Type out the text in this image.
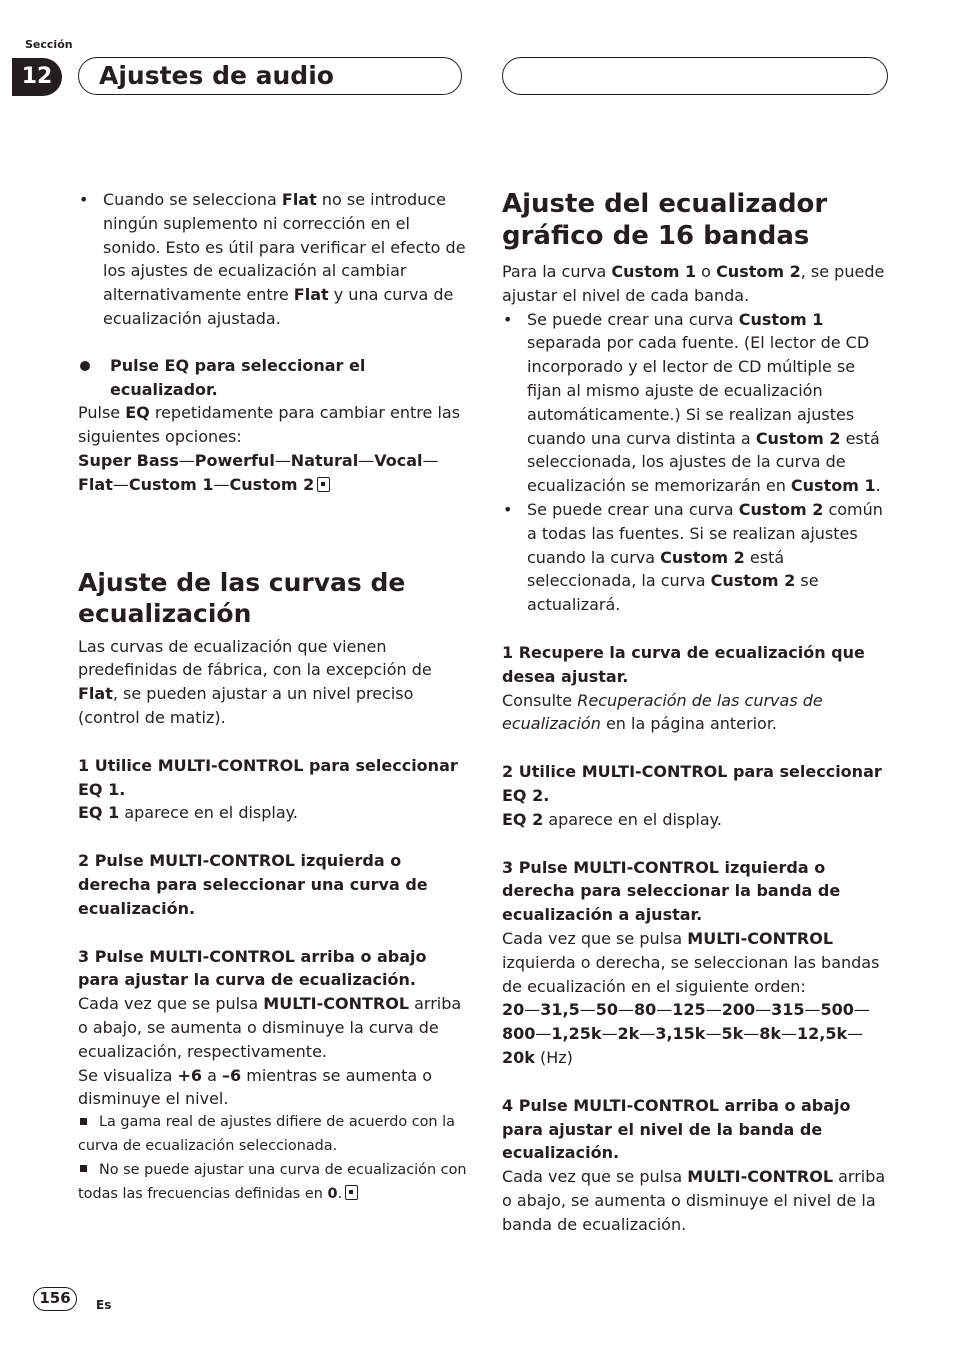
Sección
12	Ajustes de audio

• Cuando se selecciona Flat no se introduce ningún suplemento ni corrección en el sonido. Esto es útil para verificar el efecto de los ajustes de ecualización al cambiar alternativamente entre Flat y una curva de ecualización ajustada.

Pulse EQ para seleccionar el ecualizador.

Pulse EQ repetidamente para cambiar entre las siguientes opciones:

Super Bass—Powerful—Natural—Vocal— Flat—Custom 1—Custom 2

Ajuste de las curvas de ecualización

Las curvas de ecualización que vienen predefinidas de fábrica, con la excepción de Flat, se pueden ajustar a un nivel preciso (control de matiz).

1 Utilice MULTI-CONTROL para seleccionar EQ 1.

EQ 1 aparece en el display.

2 Pulse MULTI-CONTROL izquierda o derecha para seleccionar una curva de ecualización.

3 Pulse MULTI-CONTROL arriba o abajo para ajustar la curva de ecualización.

Cada vez que se pulsa MULTI-CONTROL arriba o abajo, se aumenta o disminuye la curva de ecualización, respectivamente.

Se visualiza +6 a –6 mientras se aumenta o disminuye el nivel.

La gama real de ajustes difiere de acuerdo con la curva de ecualización seleccionada.

No se puede ajustar una curva de ecualización con todas las frecuencias definidas en 0.

Ajuste del ecualizador gráfico de 16 bandas

Para la curva Custom 1 o Custom 2, se puede ajustar el nivel de cada banda.

• Se puede crear una curva Custom 1 separada por cada fuente. (El lector de CD incorporado y el lector de CD múltiple se fijan al mismo ajuste de ecualización automáticamente.) Si se realizan ajustes cuando una curva distinta a Custom 2 está seleccionada, los ajustes de la curva de ecualización se memorizarán en Custom 1.

• Se puede crear una curva Custom 2 común a todas las fuentes. Si se realizan ajustes cuando la curva Custom 2 está seleccionada, la curva Custom 2 se actualizará.

1 Recupere la curva de ecualización que desea ajustar.

Consulte Recuperación de las curvas de ecualización en la página anterior.

2 Utilice MULTI-CONTROL para seleccionar EQ 2.

EQ 2 aparece en el display.

3 Pulse MULTI-CONTROL izquierda o derecha para seleccionar la banda de ecualización a ajustar.

Cada vez que se pulsa MULTI-CONTROL izquierda o derecha, se seleccionan las bandas de ecualización en el siguiente orden:

20—31,5—50—80—125—200—315—500— 800—1,25k—2k—3,15k—5k—8k—12,5k— 20k (Hz)

4 Pulse MULTI-CONTROL arriba o abajo para ajustar el nivel de la banda de ecualización.

Cada vez que se pulsa MULTI-CONTROL arriba o abajo, se aumenta o disminuye el nivel de la banda de ecualización.

156	Es
